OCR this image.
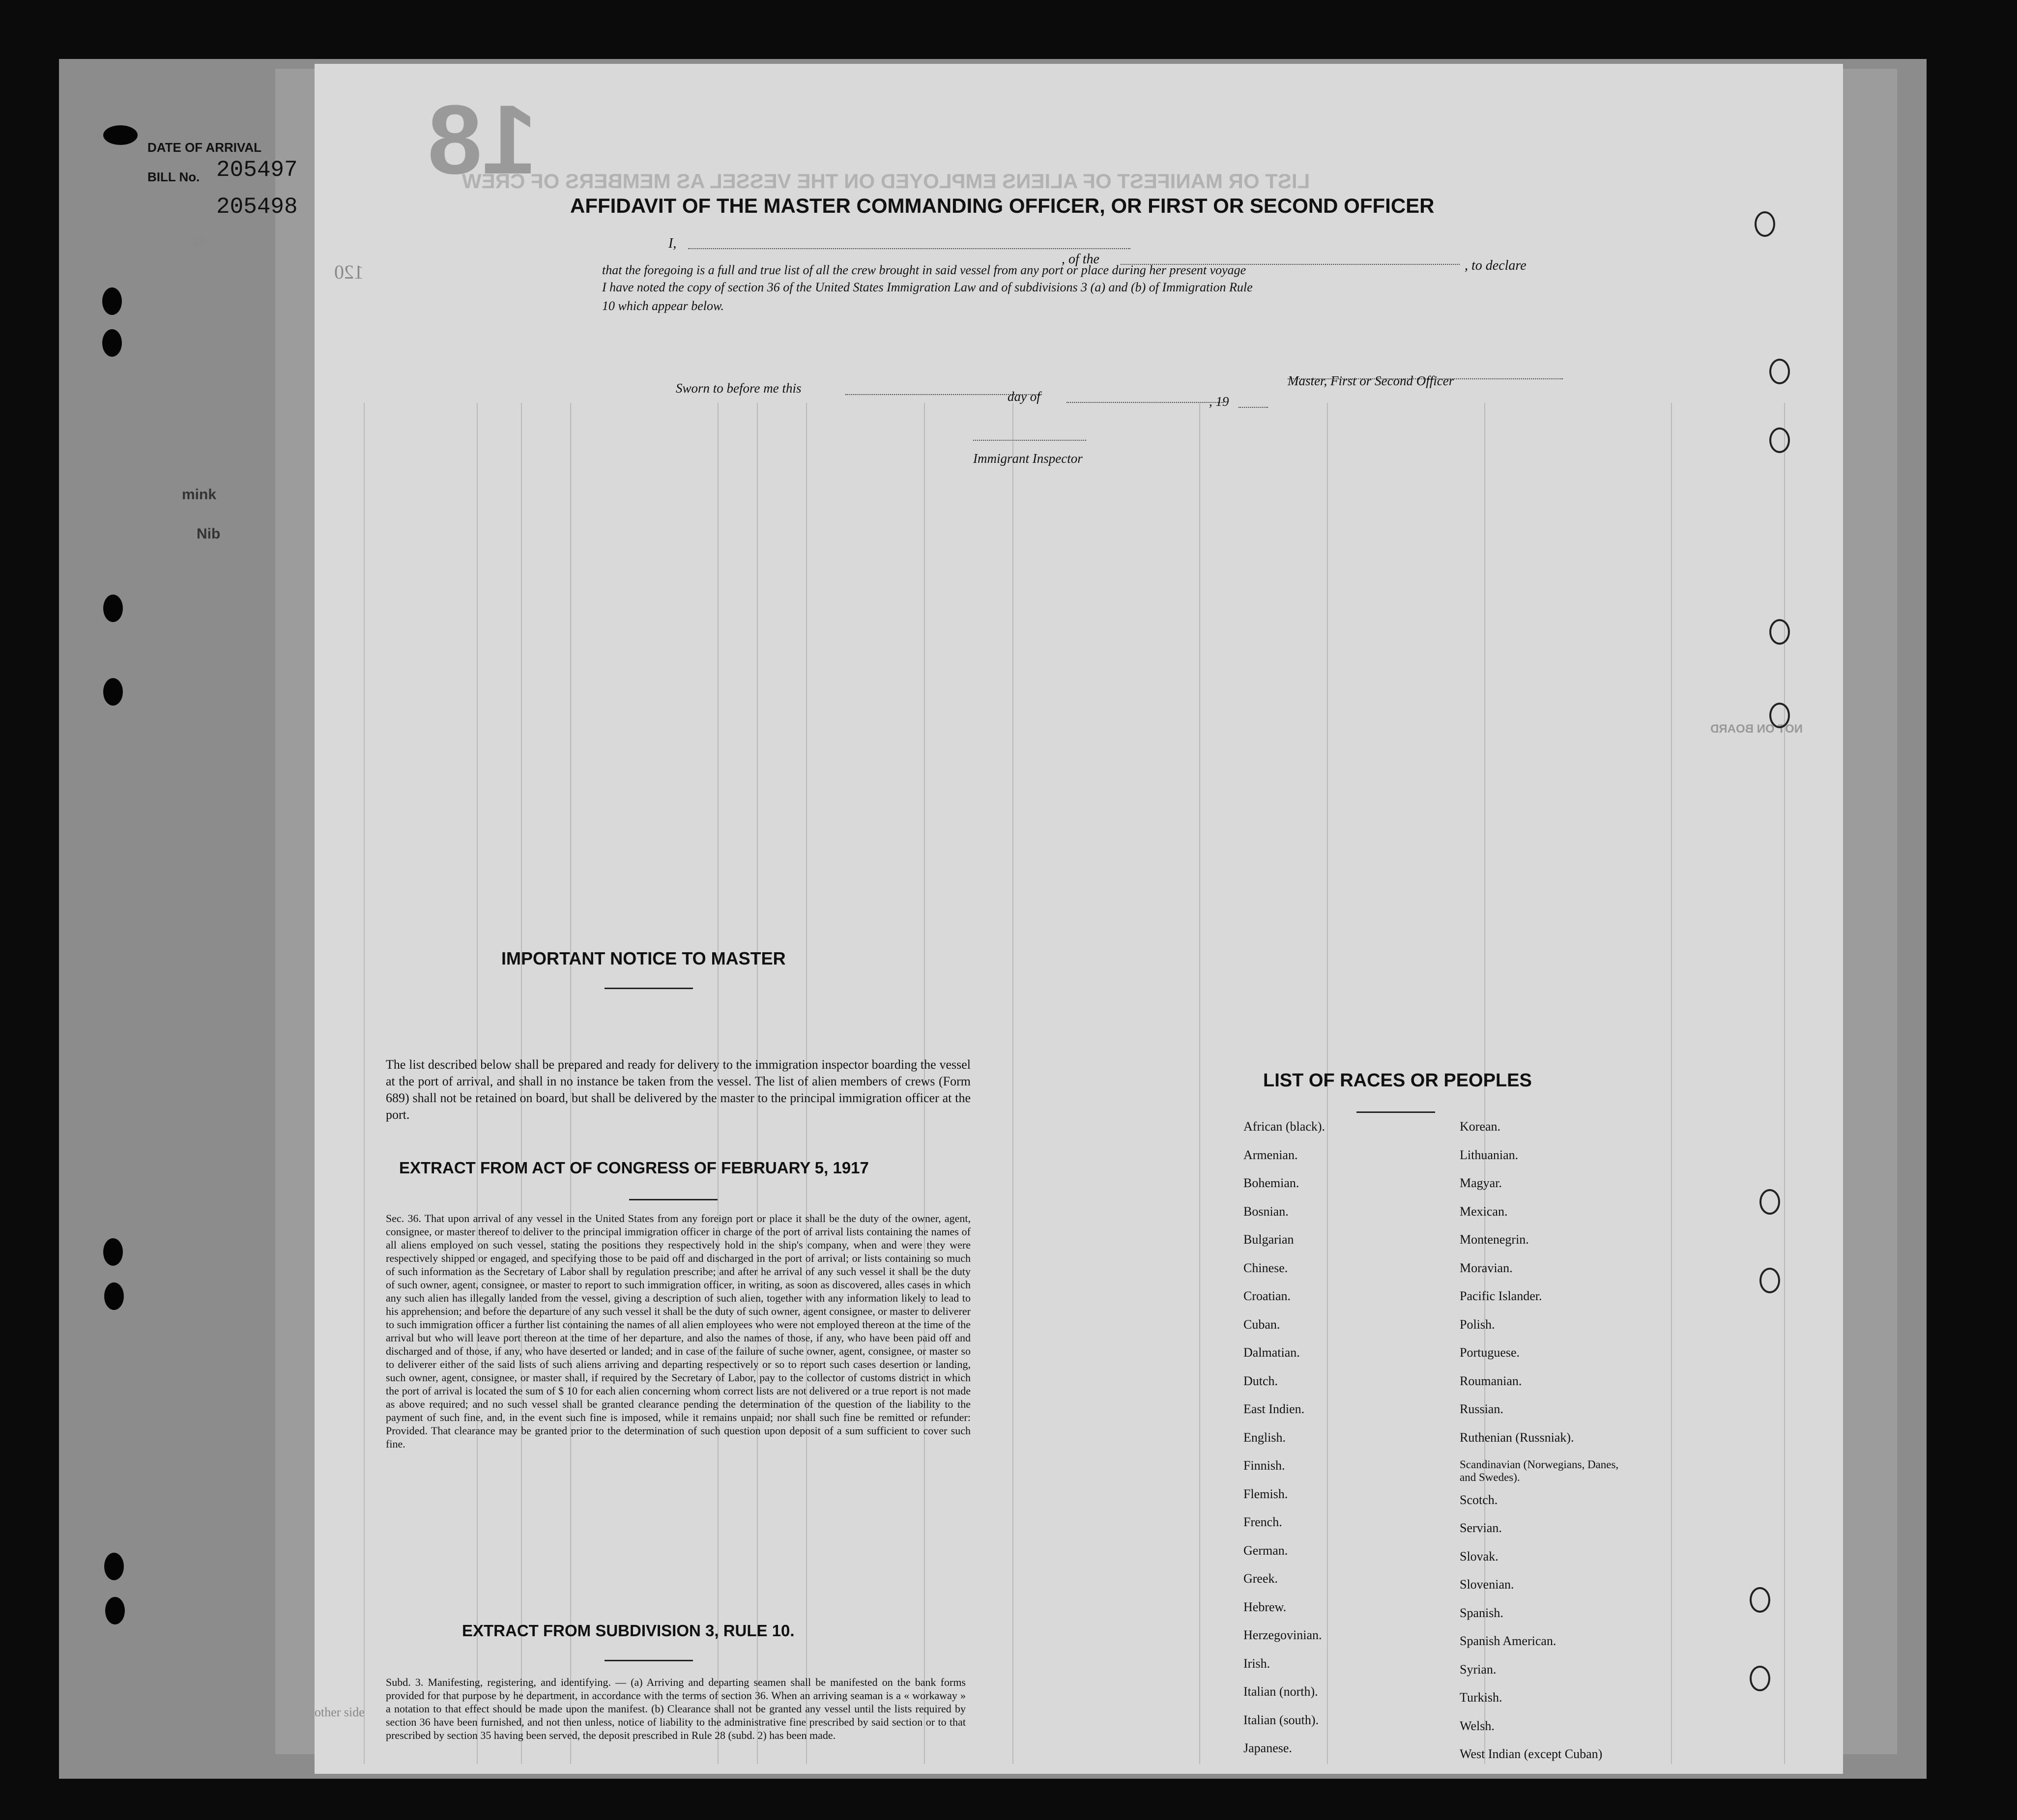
DATE OF ARRIVAL
BILL No. 205497
205498
ss
mink
Nib
18
LIST OR MANIFEST OF ALIENS EMPLOYED ON THE VESSEL AS MEMBERS OF CREW
120
NOT ON BOARD
other side
AFFIDAVIT OF THE MASTER COMMANDING OFFICER, OR FIRST OR SECOND OFFICER
I,
, of the	, to declare
that the foregoing is a full and true list of all the crew brought in said vessel from any port or place during her present voyage
I have noted the copy of section 36 of the United States Immigration Law and of subdivisions 3 (a) and (b) of Immigration Rule
10 which appear below.
Sworn to before me this
day of	, 19
Master, First or Second Officer
Immigrant Inspector
IMPORTANT NOTICE TO MASTER
The list described below shall be prepared and ready for delivery to the immigration inspector boarding the vessel at the port of arrival, and shall in no instance be taken from the vessel. The list of alien members of crews (Form 689) shall not be retained on board, but shall be delivered by the master to the principal immigration officer at the port.
EXTRACT FROM ACT OF CONGRESS OF FEBRUARY 5, 1917
Sec. 36. That upon arrival of any vessel in the United States from any foreign port or place it shall be the duty of the owner, agent, consignee, or master thereof to deliver to the principal immigration officer in charge of the port of arrival lists containing the names of all aliens employed on such vessel, stating the positions they respectively hold in the ship's company, when and were they were respectively shipped or engaged, and specifying those to be paid off and discharged in the port of arrival; or lists containing so much of such information as the Secretary of Labor shall by regulation prescribe; and after he arrival of any such vessel it shall be the duty of such owner, agent, consignee, or master to report to such immigration officer, in writing, as soon as discovered, alles cases in which any such alien has illegally landed from the vessel, giving a description of such alien, together with any information likely to lead to his apprehension; and before the departure of any such vessel it shall be the duty of such owner, agent consignee, or master to deliverer to such immigration officer a further list containing the names of all alien employees who were not employed thereon at the time of the arrival but who will leave port thereon at the time of her departure, and also the names of those, if any, who have been paid off and discharged and of those, if any, who have deserted or landed; and in case of the failure of suche owner, agent, consignee, or master so to deliverer either of the said lists of such aliens arriving and departing respectively or so to report such cases desertion or landing, such owner, agent, consignee, or master shall, if required by the Secretary of Labor, pay to the collector of customs district in which the port of arrival is located the sum of $ 10 for each alien concerning whom correct lists are not delivered or a true report is not made as above required; and no such vessel shall be granted clearance pending the determination of the question of the liability to the payment of such fine, and, in the event such fine is imposed, while it remains unpaid; nor shall such fine be remitted or refunder: Provided. That clearance may be granted prior to the determination of such question upon deposit of a sum sufficient to cover such fine.
EXTRACT FROM SUBDIVISION 3, RULE 10.
Subd. 3. Manifesting, registering, and identifying. — (a) Arriving and departing seamen shall be manifested on the bank forms provided for that purpose by he department, in accordance with the terms of section 36. When an arriving seaman is a « workaway » a notation to that effect should be made upon the manifest. (b) Clearance shall not be granted any vessel until the lists required by section 36 have been furnished, and not then unless, notice of liability to the administrative fine prescribed by said section or to that prescribed by section 35 having been served, the deposit prescribed in Rule 28 (subd. 2) has been made.
LIST OF RACES OR PEOPLES
African (black).
Armenian.
Bohemian.
Bosnian.
Bulgarian
Chinese.
Croatian.
Cuban.
Dalmatian.
Dutch.
East Indien.
English.
Finnish.
Flemish.
French.
German.
Greek.
Hebrew.
Herzegovinian.
Irish.
Italian (north).
Italian (south).
Japanese.
Korean.
Lithuanian.
Magyar.
Mexican.
Montenegrin.
Moravian.
Pacific Islander.
Polish.
Portuguese.
Roumanian.
Russian.
Ruthenian (Russniak).
Scandinavian (Norwegians, Danes, and Swedes).
Scotch.
Servian.
Slovak.
Slovenian.
Spanish.
Spanish American.
Syrian.
Turkish.
Welsh.
West Indian (except Cuban)
